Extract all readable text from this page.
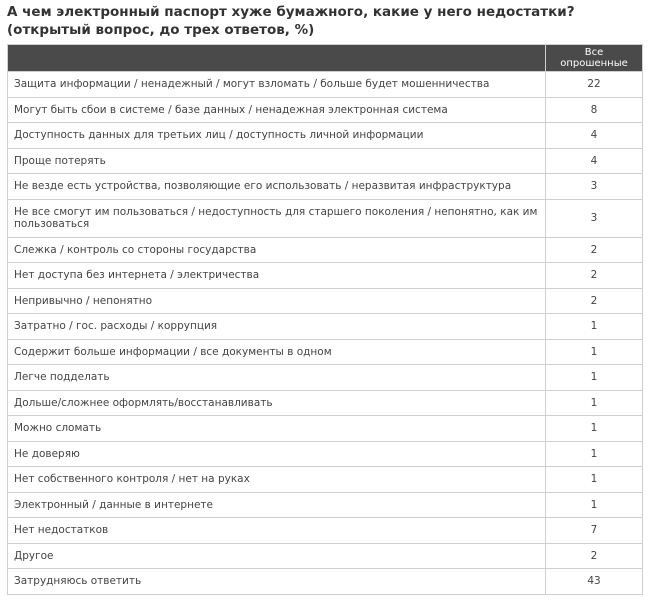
А чем электронный паспорт хуже бумажного, какие у него недостатки? (открытый вопрос, до трех ответов, %)
	Все опрошенные
Защита информации / ненадежный / могут взломать / больше будет мошенничества	22
Могут быть сбои в системе / базе данных / ненадежная электронная система	8
Доступность данных для третьих лиц / доступность личной информации	4
Проще потерять	4
Не везде есть устройства, позволяющие его использовать / неразвитая инфраструктура	3
Не все смогут им пользоваться / недоступность для старшего поколения / непонятно, как им пользоваться	3
Слежка / контроль со стороны государства	2
Нет доступа без интернета / электричества	2
Непривычно / непонятно	2
Затратно / гос. расходы / коррупция	1
Содержит больше информации / все документы в одном	1
Легче подделать	1
Дольше/сложнее оформлять/восстанавливать	1
Можно сломать	1
Не доверяю	1
Нет собственного контроля / нет на руках	1
Электронный / данные в интернете	1
Нет недостатков	7
Другое	2
Затрудняюсь ответить	43
